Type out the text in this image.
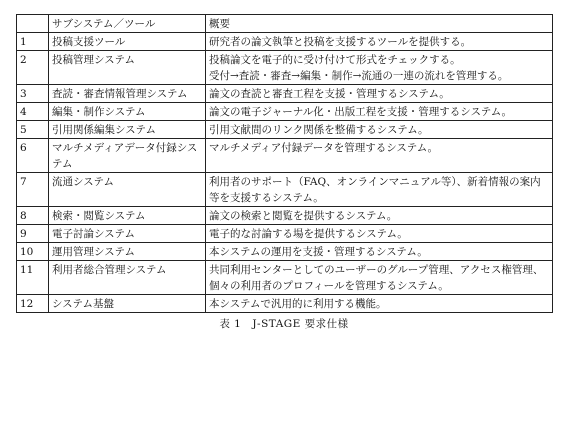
	サブシステム／ツール	概要
1	投稿支援ツール	研究者の論文執筆と投稿を支援するツールを提供する。

2	投稿管理システム	投稿論文を電子的に受け付けて形式をチェックする。
受付→査読・審査→編集・制作→流通の一連の流れを管理する。

3	査読・審査情報管理システム	論文の査読と審査工程を支援・管理するシステム。

4	編集・制作システム	論文の電子ジャーナル化・出版工程を支援・管理するシステム。

5	引用関係編集システム	引用文献間のリンク関係を整備するシステム。

6	マルチメディアデータ付録システム	マルチメディア付録データを管理するシステム。

7	流通システム	利用者のサポート（FAQ、オンラインマニュアル等）、新着情報の案内等を支援するシステム。

8	検索・閲覧システム	論文の検索と閲覧を提供するシステム。

9	電子討論システム	電子的な討論する場を提供するシステム。

10	運用管理システム	本システムの運用を支援・管理するシステム。

11	利用者総合管理システム	共同利用センターとしてのユーザーのグループ管理、アクセス権管理、個々の利用者のプロフィールを管理するシステム。

12	システム基盤	本システムで汎用的に利用する機能。
表 1　J-STAGE 要求仕様
